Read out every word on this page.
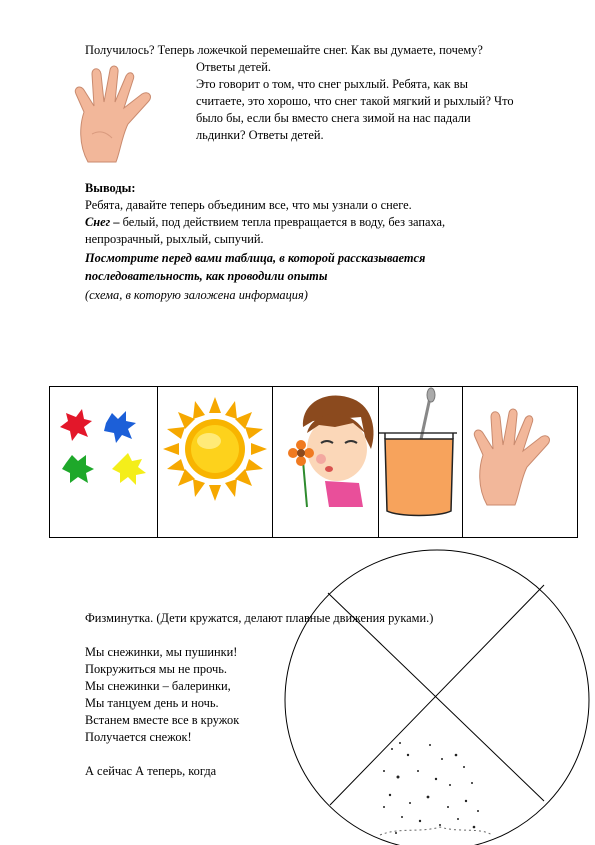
Получилось? Теперь ложечкой перемешайте снег. Как вы думаете, почему?

Ответы детей.

Это говорит о том, что снег рыхлый. Ребята, как вы

считаете, это хорошо, что снег такой мягкий и рыхлый? Что

было бы, если бы вместо снега зимой на нас падали

льдинки? Ответы детей.

Выводы:

Ребята, давайте теперь объединим все, что мы узнали о снеге.

Снег – белый, под действием тепла превращается в воду, без запаха,

непрозрачный, рыхлый, сыпучий.

Посмотрите перед вами таблица, в которой рассказывается

последовательность, как проводили опыты

(схема, в которую заложена информация)

Физминутка. (Дети кружатся, делают плавные движения руками.)

Мы снежинки, мы пушинки!

Покружиться мы не прочь.

Мы снежинки – балеринки,

Мы танцуем день и ночь.

Встанем вместе все в кружок

Получается снежок!

А сейчас А теперь, когда
